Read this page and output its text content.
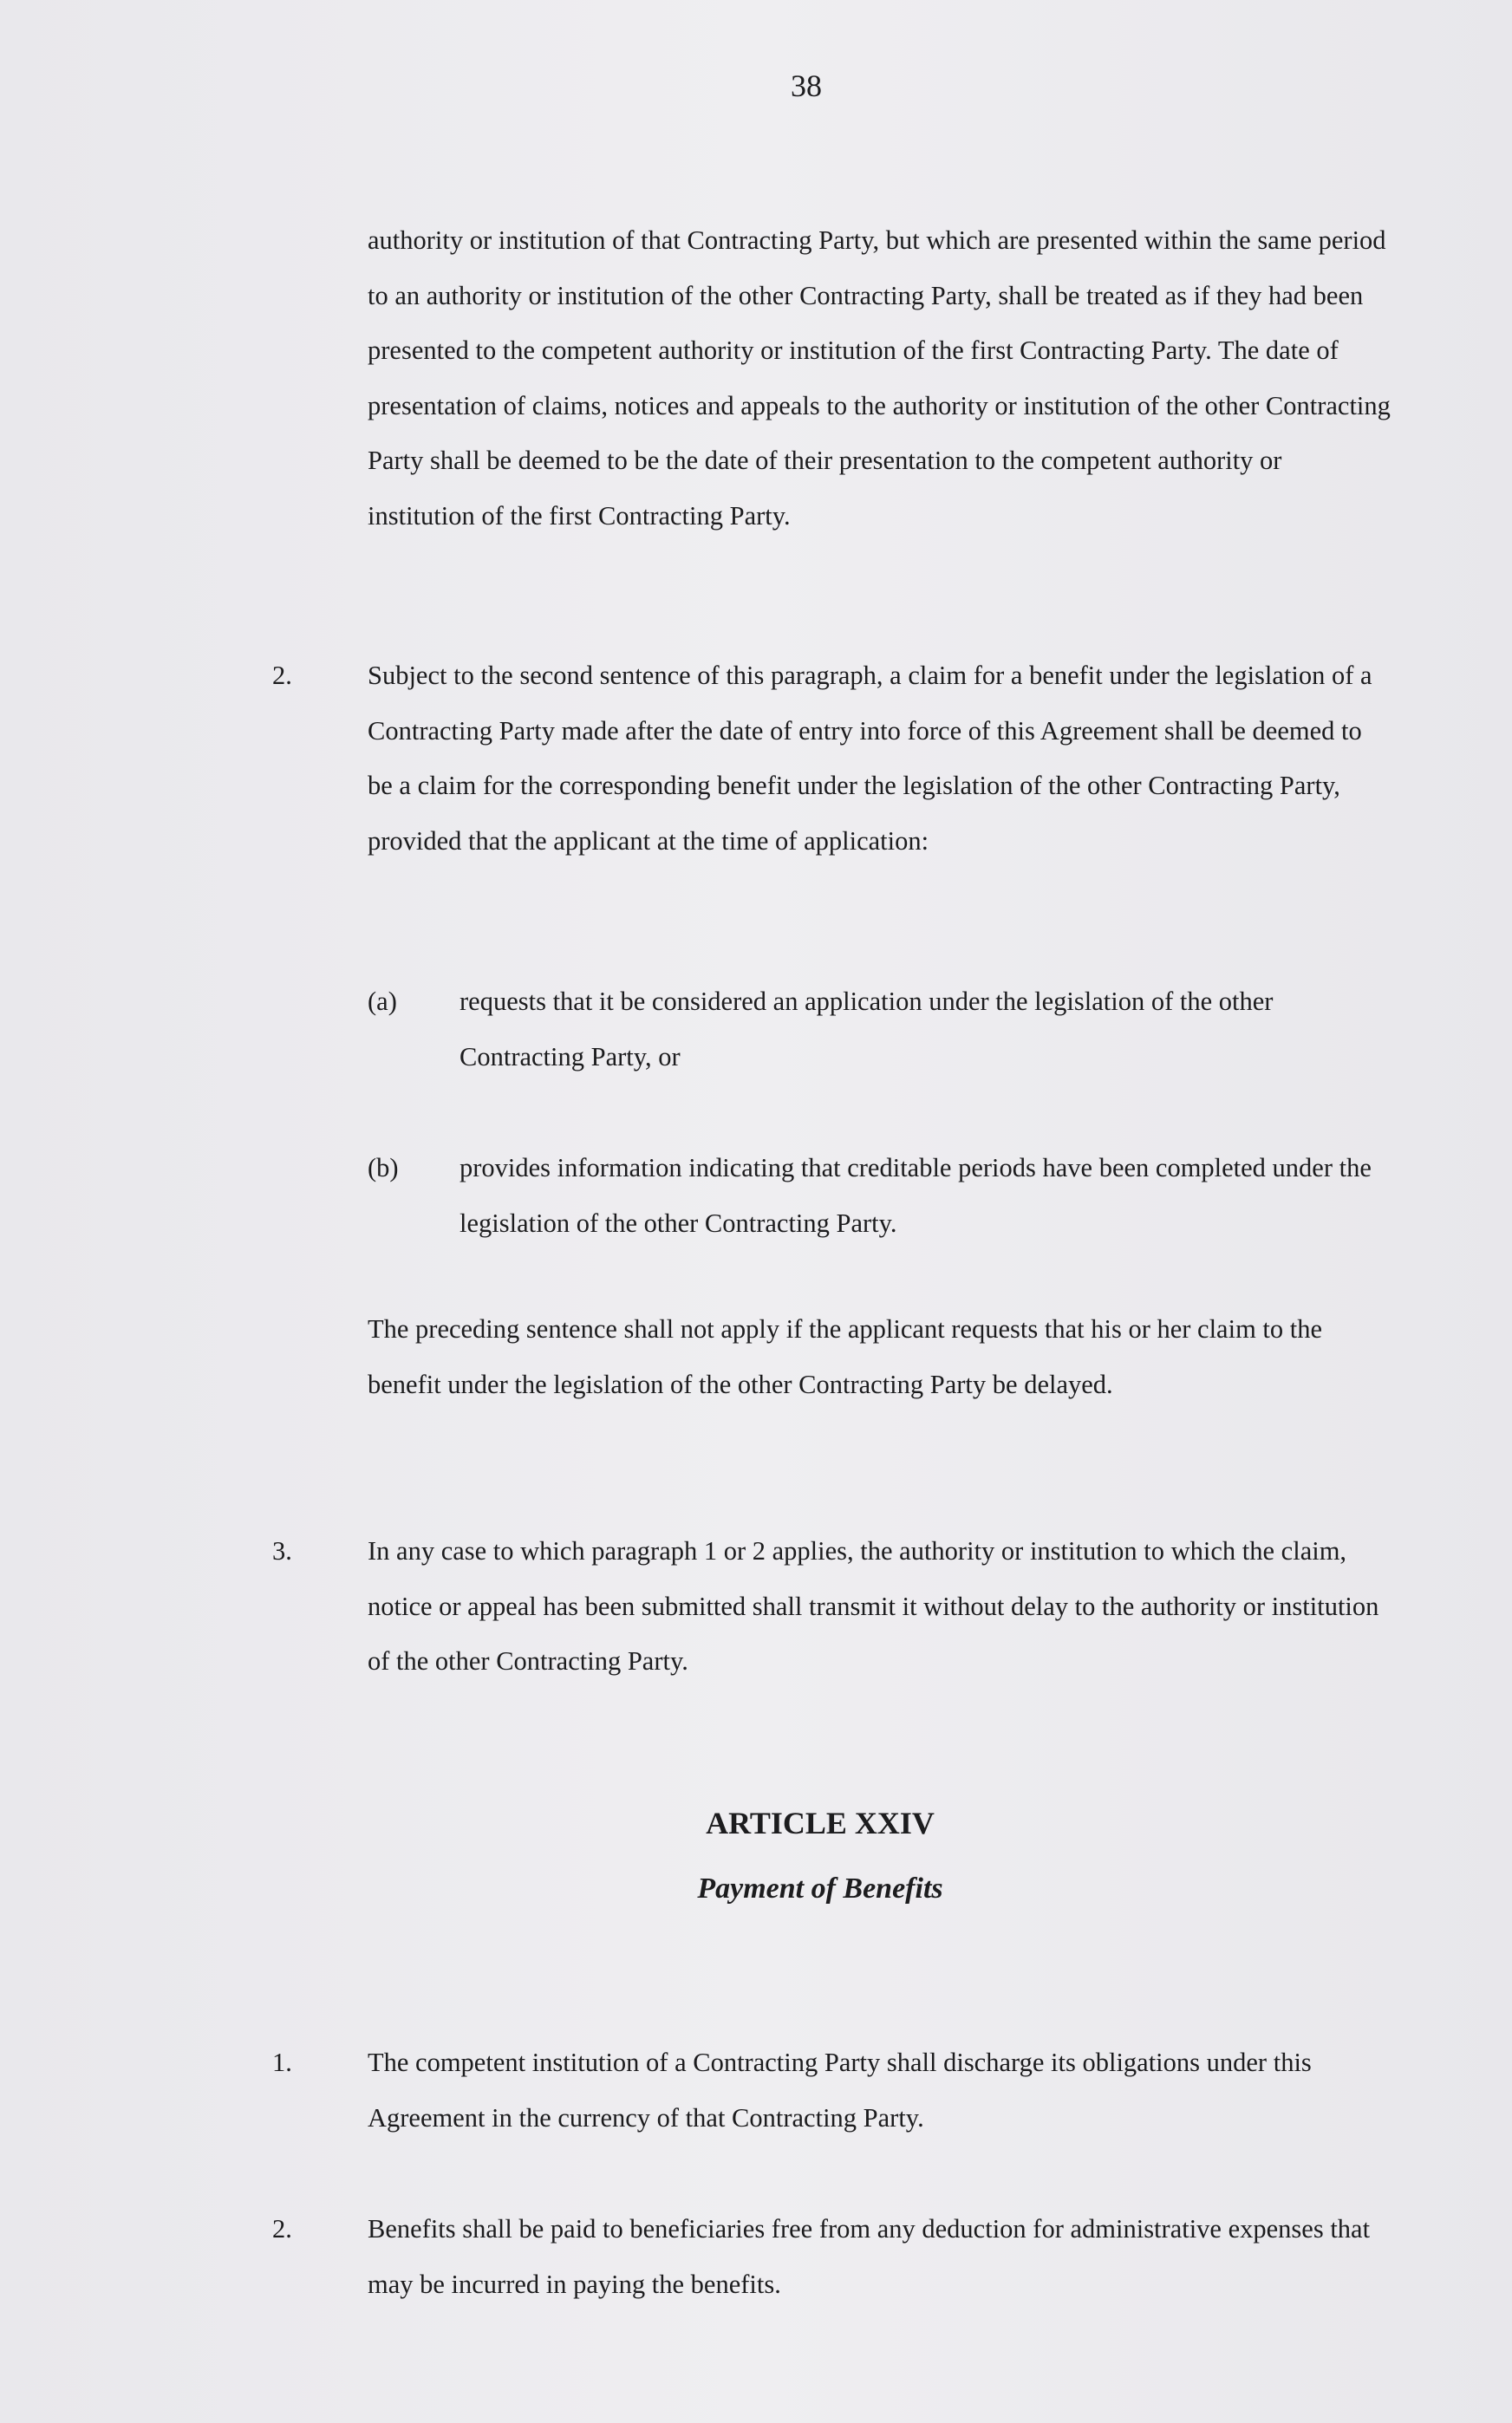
38
authority or institution of that Contracting Party, but which are presented within the same period to an authority or institution of the other Contracting Party, shall be treated as if they had been presented to the competent authority or institution of the first Contracting Party. The date of presentation of claims, notices and appeals to the authority or institution of the other Contracting Party shall be deemed to be the date of their presentation to the competent authority or institution of the first Contracting Party.
2.	Subject to the second sentence of this paragraph, a claim for a benefit under the legislation of a Contracting Party made after the date of entry into force of this Agreement shall be deemed to be a claim for the corresponding benefit under the legislation of the other Contracting Party, provided that the applicant at the time of application:
(a) requests that it be considered an application under the legislation of the other Contracting Party, or
(b) provides information indicating that creditable periods have been completed under the legislation of the other Contracting Party.
The preceding sentence shall not apply if the applicant requests that his or her claim to the benefit under the legislation of the other Contracting Party be delayed.
3.	In any case to which paragraph 1 or 2 applies, the authority or institution to which the claim, notice or appeal has been submitted shall transmit it without delay to the authority or institution of the other Contracting Party.
ARTICLE XXIV
Payment of Benefits
1.	The competent institution of a Contracting Party shall discharge its obligations under this Agreement in the currency of that Contracting Party.
2.	Benefits shall be paid to beneficiaries free from any deduction for administrative expenses that may be incurred in paying the benefits.
